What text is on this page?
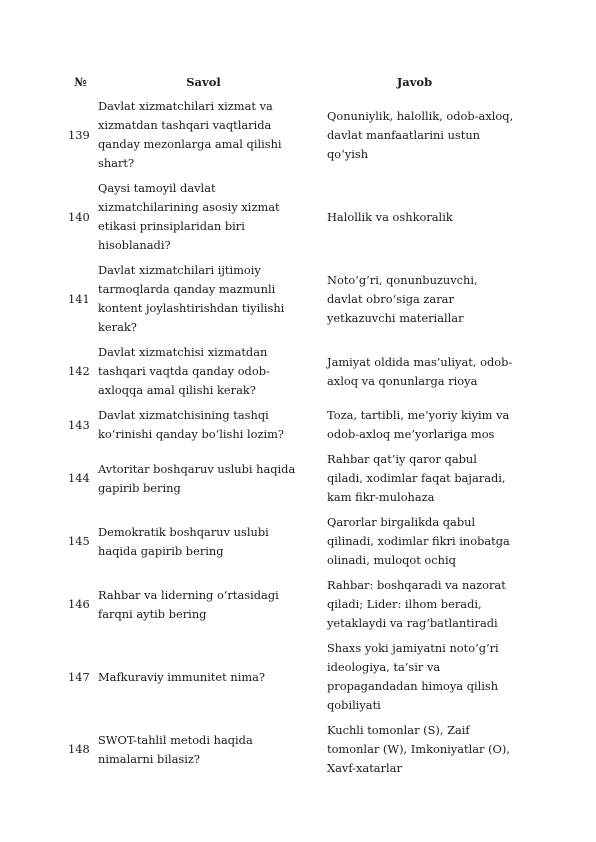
№	Savol	Javob
139	Davlat xizmatchilari xizmat va xizmatdan tashqari vaqtlarida qanday mezonlarga amal qilishi shart?	Qonuniylik, halollik, odob-axloq, davlat manfaatlarini ustun qo‘yish
140	Qaysi tamoyil davlat xizmatchilarining asosiy xizmat etikasi prinsiplaridan biri hisoblanadi?	Halollik va oshkoralik
141	Davlat xizmatchilari ijtimoiy tarmoqlarda qanday mazmunli kontent joylashtirishdan tiyilishi kerak?	Noto‘g‘ri, qonunbuzuvchi, davlat obro‘siga zarar yetkazuvchi materiallar
142	Davlat xizmatchisi xizmatdan tashqari vaqtda qanday odob-axloqqa amal qilishi kerak?	Jamiyat oldida mas’uliyat, odob-axloq va qonunlarga rioya
143	Davlat xizmatchisining tashqi ko‘rinishi qanday bo‘lishi lozim?	Toza, tartibli, me’yoriy kiyim va odob-axloq me’yorlariga mos
144	Avtoritar boshqaruv uslubi haqida gapirib bering	Rahbar qat’iy qaror qabul qiladi, xodimlar faqat bajaradi, kam fikr-mulohaza
145	Demokratik boshqaruv uslubi haqida gapirib bering	Qarorlar birgalikda qabul qilinadi, xodimlar fikri inobatga olinadi, muloqot ochiq
146	Rahbar va liderning o‘rtasidagi farqni aytib bering	Rahbar: boshqaradi va nazorat qiladi; Lider: ilhom beradi, yetaklaydi va rag‘batlantiradi
147	Mafkuraviy immunitet nima?	Shaxs yoki jamiyatni noto‘g‘ri ideologiya, ta’sir va propagandadan himoya qilish qobiliyati
148	SWOT-tahlil metodi haqida nimalarni bilasiz?	Kuchli tomonlar (S), Zaif tomonlar (W), Imkoniyatlar (O), Xavf-xatarlar
